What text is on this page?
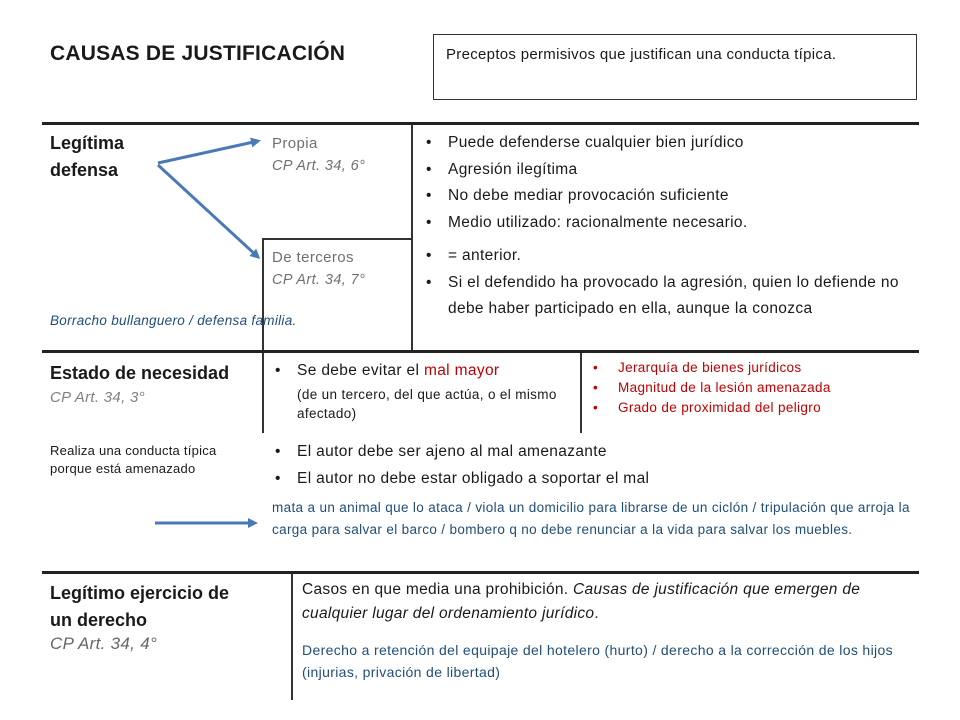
CAUSAS DE JUSTIFICACIÓN	Preceptos permisivos que justifican una conducta típica.
Legítima
defensa
Propia
CP Art. 34, 6°
• Puede defenderse cualquier bien jurídico
• Agresión ilegítima
• No debe mediar provocación suficiente
• Medio utilizado: racionalmente necesario.
De terceros
CP Art. 34, 7°
• = anterior.
• Si el defendido ha provocado la agresión, quien lo defiende no debe haber participado en ella, aunque la conozca
Borracho bullanguero / defensa familia.
Estado de necesidad
CP Art. 34, 3°
Realiza una conducta típica porque está amenazado
• Se debe evitar el mal mayor
(de un tercero, del que actúa, o el mismo afectado)
• Jerarquía de bienes jurídicos
• Magnitud de la lesión amenazada
• Grado de proximidad del peligro
• El autor debe ser ajeno al mal amenazante
• El autor no debe estar obligado a soportar el mal
mata a un animal que lo ataca / viola un domicilio para librarse de un ciclón / tripulación que arroja la carga para salvar el barco / bombero q no debe renunciar a la vida para salvar los muebles.
Legítimo ejercicio de
un derecho
CP Art. 34, 4°
Casos en que media una prohibición. Causas de justificación que emergen de cualquier lugar del ordenamiento jurídico.
Derecho a retención del equipaje del hotelero (hurto) / derecho a la corrección de los hijos (injurias, privación de libertad)
